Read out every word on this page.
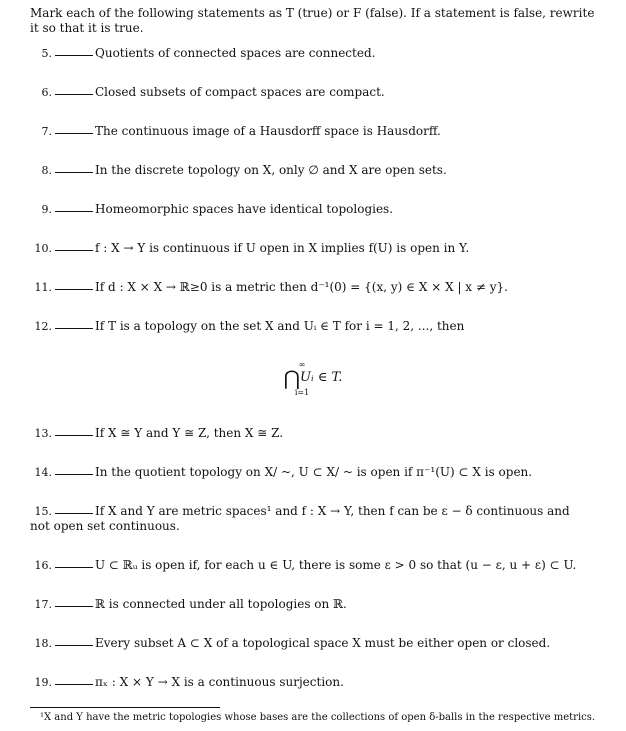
Mark each of the following statements as T (true) or F (false). If a statement is false, rewrite it so that it is true.
5.	Quotients of connected spaces are connected.
6.	Closed subsets of compact spaces are compact.
7.	The continuous image of a Hausdorff space is Hausdorff.
8.	In the discrete topology on X, only ∅ and X are open sets.
9.	Homeomorphic spaces have identical topologies.
10.	f : X → Y is continuous if U open in X implies f(U) is open in Y.
11.	If d : X × X → ℝ≥0 is a metric then d⁻¹(0) = {(x, y) ∈ X × X | x ≠ y}.
12.	If T is a topology on the set X and Uᵢ ∈ T for i = 1, 2, ..., then
∞
⋂Uᵢ ∈ T.
i=1
13.	If X ≅ Y and Y ≅ Z, then X ≅ Z.
14.	In the quotient topology on X/ ~, U ⊂ X/ ~ is open if π⁻¹(U) ⊂ X is open.
15.	If X and Y are metric spaces¹ and f : X → Y, then f can be ε − δ continuous and not open set continuous.
16.	U ⊂ ℝᵤ is open if, for each u ∈ U, there is some ε > 0 so that (u − ε, u + ε) ⊂ U.
17.	ℝ is connected under all topologies on ℝ.
18.	Every subset A ⊂ X of a topological space X must be either open or closed.
19.	πₓ : X × Y → X is a continuous surjection.
¹X and Y have the metric topologies whose bases are the collections of open δ-balls in the respective metrics.
